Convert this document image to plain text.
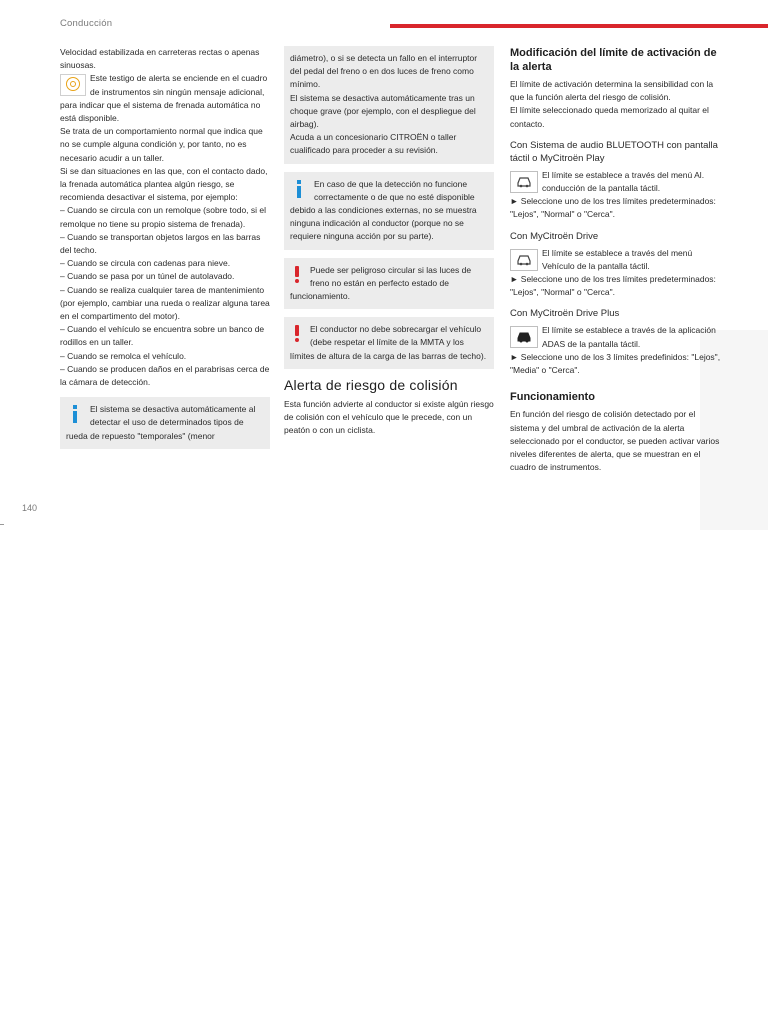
Conducción
140

Velocidad estabilizada en carreteras rectas o apenas sinuosas.

Este testigo de alerta se enciende en el cuadro de instrumentos sin ningún mensaje adicional, para indicar que el sistema de frenada automática no está disponible.

Se trata de un comportamiento normal que indica que no se cumple alguna condición y, por tanto, no es necesario acudir a un taller.

Si se dan situaciones en las que, con el contacto dado, la frenada automática plantea algún riesgo, se recomienda desactivar el sistema, por ejemplo:

– Cuando se circula con un remolque (sobre todo, si el remolque no tiene su propio sistema de frenada).

– Cuando se transportan objetos largos en las barras del techo.

– Cuando se circula con cadenas para nieve.

– Cuando se pasa por un túnel de autolavado.

– Cuando se realiza cualquier tarea de mantenimiento (por ejemplo, cambiar una rueda o realizar alguna tarea en el compartimento del motor).

– Cuando el vehículo se encuentra sobre un banco de rodillos en un taller.

– Cuando se remolca el vehículo.

– Cuando se producen daños en el parabrisas cerca de la cámara de detección.

El sistema se desactiva automáticamente al detectar el uso de determinados tipos de rueda de repuesto "temporales" (menor
diámetro), o si se detecta un fallo en el interruptor del pedal del freno o en dos luces de freno como mínimo.
El sistema se desactiva automáticamente tras un choque grave (por ejemplo, con el despliegue del airbag).
Acuda a un concesionario CITROËN o taller cualificado para proceder a su revisión.
En caso de que la detección no funcione correctamente o de que no esté disponible debido a las condiciones externas, no se muestra ninguna indicación al conductor (porque no se requiere ninguna acción por su parte).
Puede ser peligroso circular si las luces de freno no están en perfecto estado de funcionamiento.
El conductor no debe sobrecargar el vehículo (debe respetar el límite de la MMTA y los límites de altura de la carga de las barras de techo).
Alerta de riesgo de colisión

Esta función advierte al conductor si existe algún riesgo de colisión con el vehículo que le precede, con un peatón o con un ciclista.

Modificación del límite de activación de la alerta

El límite de activación determina la sensibilidad con la que la función alerta del riesgo de colisión.

El límite seleccionado queda memorizado al quitar el contacto.

Con Sistema de audio BLUETOOTH con pantalla táctil o MyCitroën Play
El límite se establece a través del menú Al. conducción de la pantalla táctil.

► Seleccione uno de los tres límites predeterminados: "Lejos", "Normal" o "Cerca".

Con MyCitroën Drive
El límite se establece a través del menú Vehículo de la pantalla táctil.

► Seleccione uno de los tres límites predeterminados: "Lejos", "Normal" o "Cerca".

Con MyCitroën Drive Plus
El límite se establece a través de la aplicación ADAS de la pantalla táctil.

► Seleccione uno de los 3 límites predefinidos: "Lejos", "Media" o "Cerca".

Funcionamiento

En función del riesgo de colisión detectado por el sistema y del umbral de activación de la alerta seleccionado por el conductor, se pueden activar varios niveles diferentes de alerta, que se muestran en el cuadro de instrumentos.
